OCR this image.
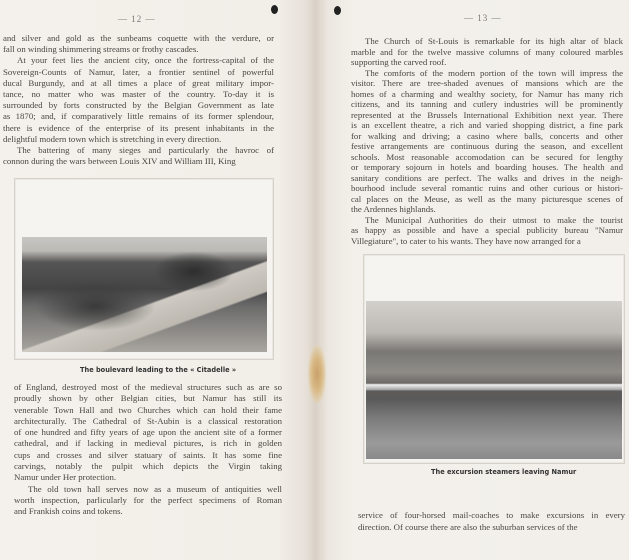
— 12 —
and silver and gold as the sunbeams coquette with the verdure, or
fall on winding shimmering streams or frothy cascades.
At your feet lies the ancient city, once the fortress-capital of the
Sovereign-Counts of Namur, later, a frontier sentinel of powerful
ducal Burgundy, and at all times a place of great military impor-
tance, no matter who was master of the country. To-day it is
surrounded by forts constructed by the Belgian Government as late
as 1870; and, if comparatively little remains of its former splendour,
there is evidence of the enterprise of its present inhabitants in the
delightful modern town which is stretching in every direction.
The battering of many sieges and particularly the havroc of
connon during the wars between Louis XIV and William III, King
The boulevard leading to the « Citadelle »
of England, destroyed most of the medieval structures such as are so
proudly shown by other Belgian cities, but Namur has still its
venerable Town Hall and two Churches which can hold their fame
architecturally. The Cathedral of St-Aubin is a classical restoration
of one hundred and fifty years of age upon the ancient site of a former
cathedral, and if lacking in medieval pictures, is rich in golden
cups and crosses and silver statuary of saints. It has some fine
carvings, notably the pulpit which depicts the Virgin taking
Namur under Her protection.
The old town hall serves now as a museum of antiquities well
worth inspection, parlicularly for the perfect specimens of Roman
and Frankish coins and tokens.
— 13 —
The Church of St-Louis is remarkable for its high altar of black
marble and for the twelve massive columns of many coloured marbles
supporting the carved roof.
The comforts of the modern portion of the town will impress the
visitor. There are tree-shaded avenues of mansions which are the
homes of a charming and wealthy society, for Namur has many rich
citizens, and its tanning and cutlery industries will be prominently
represented at the Brussels International Exhibition next year. There
is an excellent theatre, a rich and varied shopping district, a fine park
for walking and driving; a casino where balls, concerts and other
festive arrangements are continuous during the season, and excellent
schools. Most reasonable accomodation can be secured for lengthy
or temporary sojourn in hotels and boarding houses. The health and
sanitary conditions are perfect. The walks and drives in the neigh-
bourhood include several romantic ruins and other curious or histori-
cal places on the Meuse, as well as the many picturesque scenes of
the Ardennes highlands.
The Municipal Authorities do their utmost to make the tourist
as happy as possible and have a special publicity bureau "Namur
Villegiature", to cater to his wants. They have now arranged for a
The excursion steamers leaving Namur
service of four-horsed mail-coaches to make excursions in every
direction. Of course there are also the suburban services of the
